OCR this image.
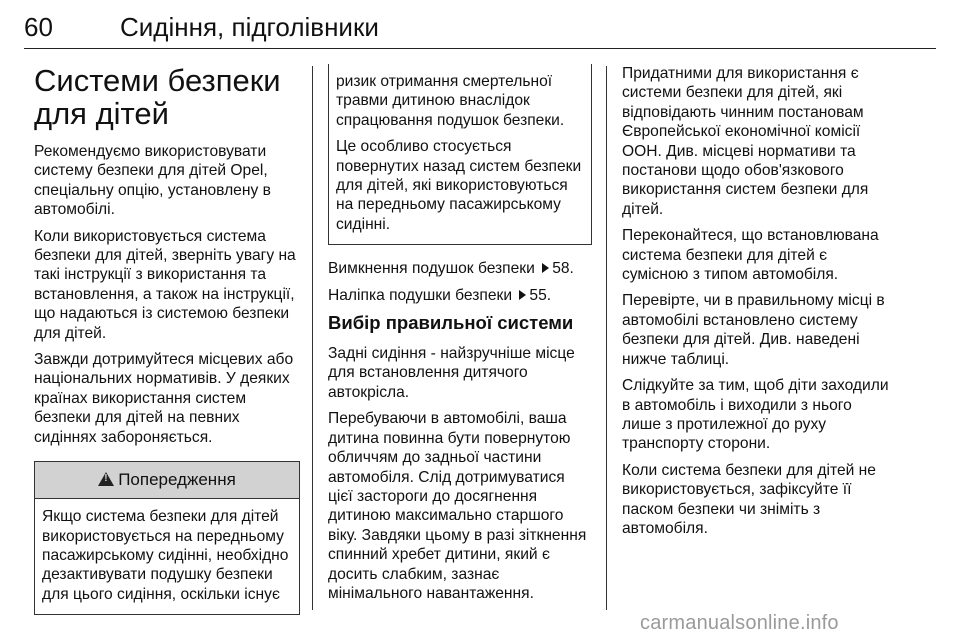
60	Сидіння, підголівники
Системи безпеки для дітей

Рекомендуємо використовувати систему безпеки для дітей Opel, спеціальну опцію, установлену в автомобілі.

Коли використовується система безпеки для дітей, зверніть увагу на такі інструкції з використання та встановлення, а також на інструкції, що надаються із системою безпеки для дітей.

Завжди дотримуйтеся місцевих або національних нормативів. У деяких країнах використання систем безпеки для дітей на певних сидіннях забороняється.

!Попередження
Якщо система безпеки для дітей використовується на передньому пасажирському сидінні, необхідно дезактивувати подушку безпеки для цього сидіння, оскільки існує

ризик отримання смертельної травми дитиною внаслідок спрацювання подушок безпеки.

Це особливо стосується повернутих назад систем безпеки для дітей, які використовуються на передньому пасажирському сидінні.

Вимкнення подушок безпеки 58.

Наліпка подушки безпеки 55.

Вибір правильної системи

Задні сидіння - найзручніше місце для встановлення дитячого автокрісла.

Перебуваючи в автомобілі, ваша дитина повинна бути повернутою обличчям до задньої частини автомобіля. Слід дотримуватися цієї застороги до досягнення дитиною максимально старшого віку. Завдяки цьому в разі зіткнення спинний хребет дитини, який є досить слабким, зазнає мінімального навантаження.

Придатними для використання є системи безпеки для дітей, які відповідають чинним постановам Європейської економічної комісії ООН. Див. місцеві нормативи та постанови щодо обов'язкового використання систем безпеки для дітей.

Переконайтеся, що встановлювана система безпеки для дітей є сумісною з типом автомобіля.

Перевірте, чи в правильному місці в автомобілі встановлено систему безпеки для дітей. Див. наведені нижче таблиці.

Слідкуйте за тим, щоб діти заходили в автомобіль і виходили з нього лише з протилежної до руху транспорту сторони.

Коли система безпеки для дітей не використовується, зафіксуйте її паском безпеки чи зніміть з автомобіля.

carmanualsonline.info
